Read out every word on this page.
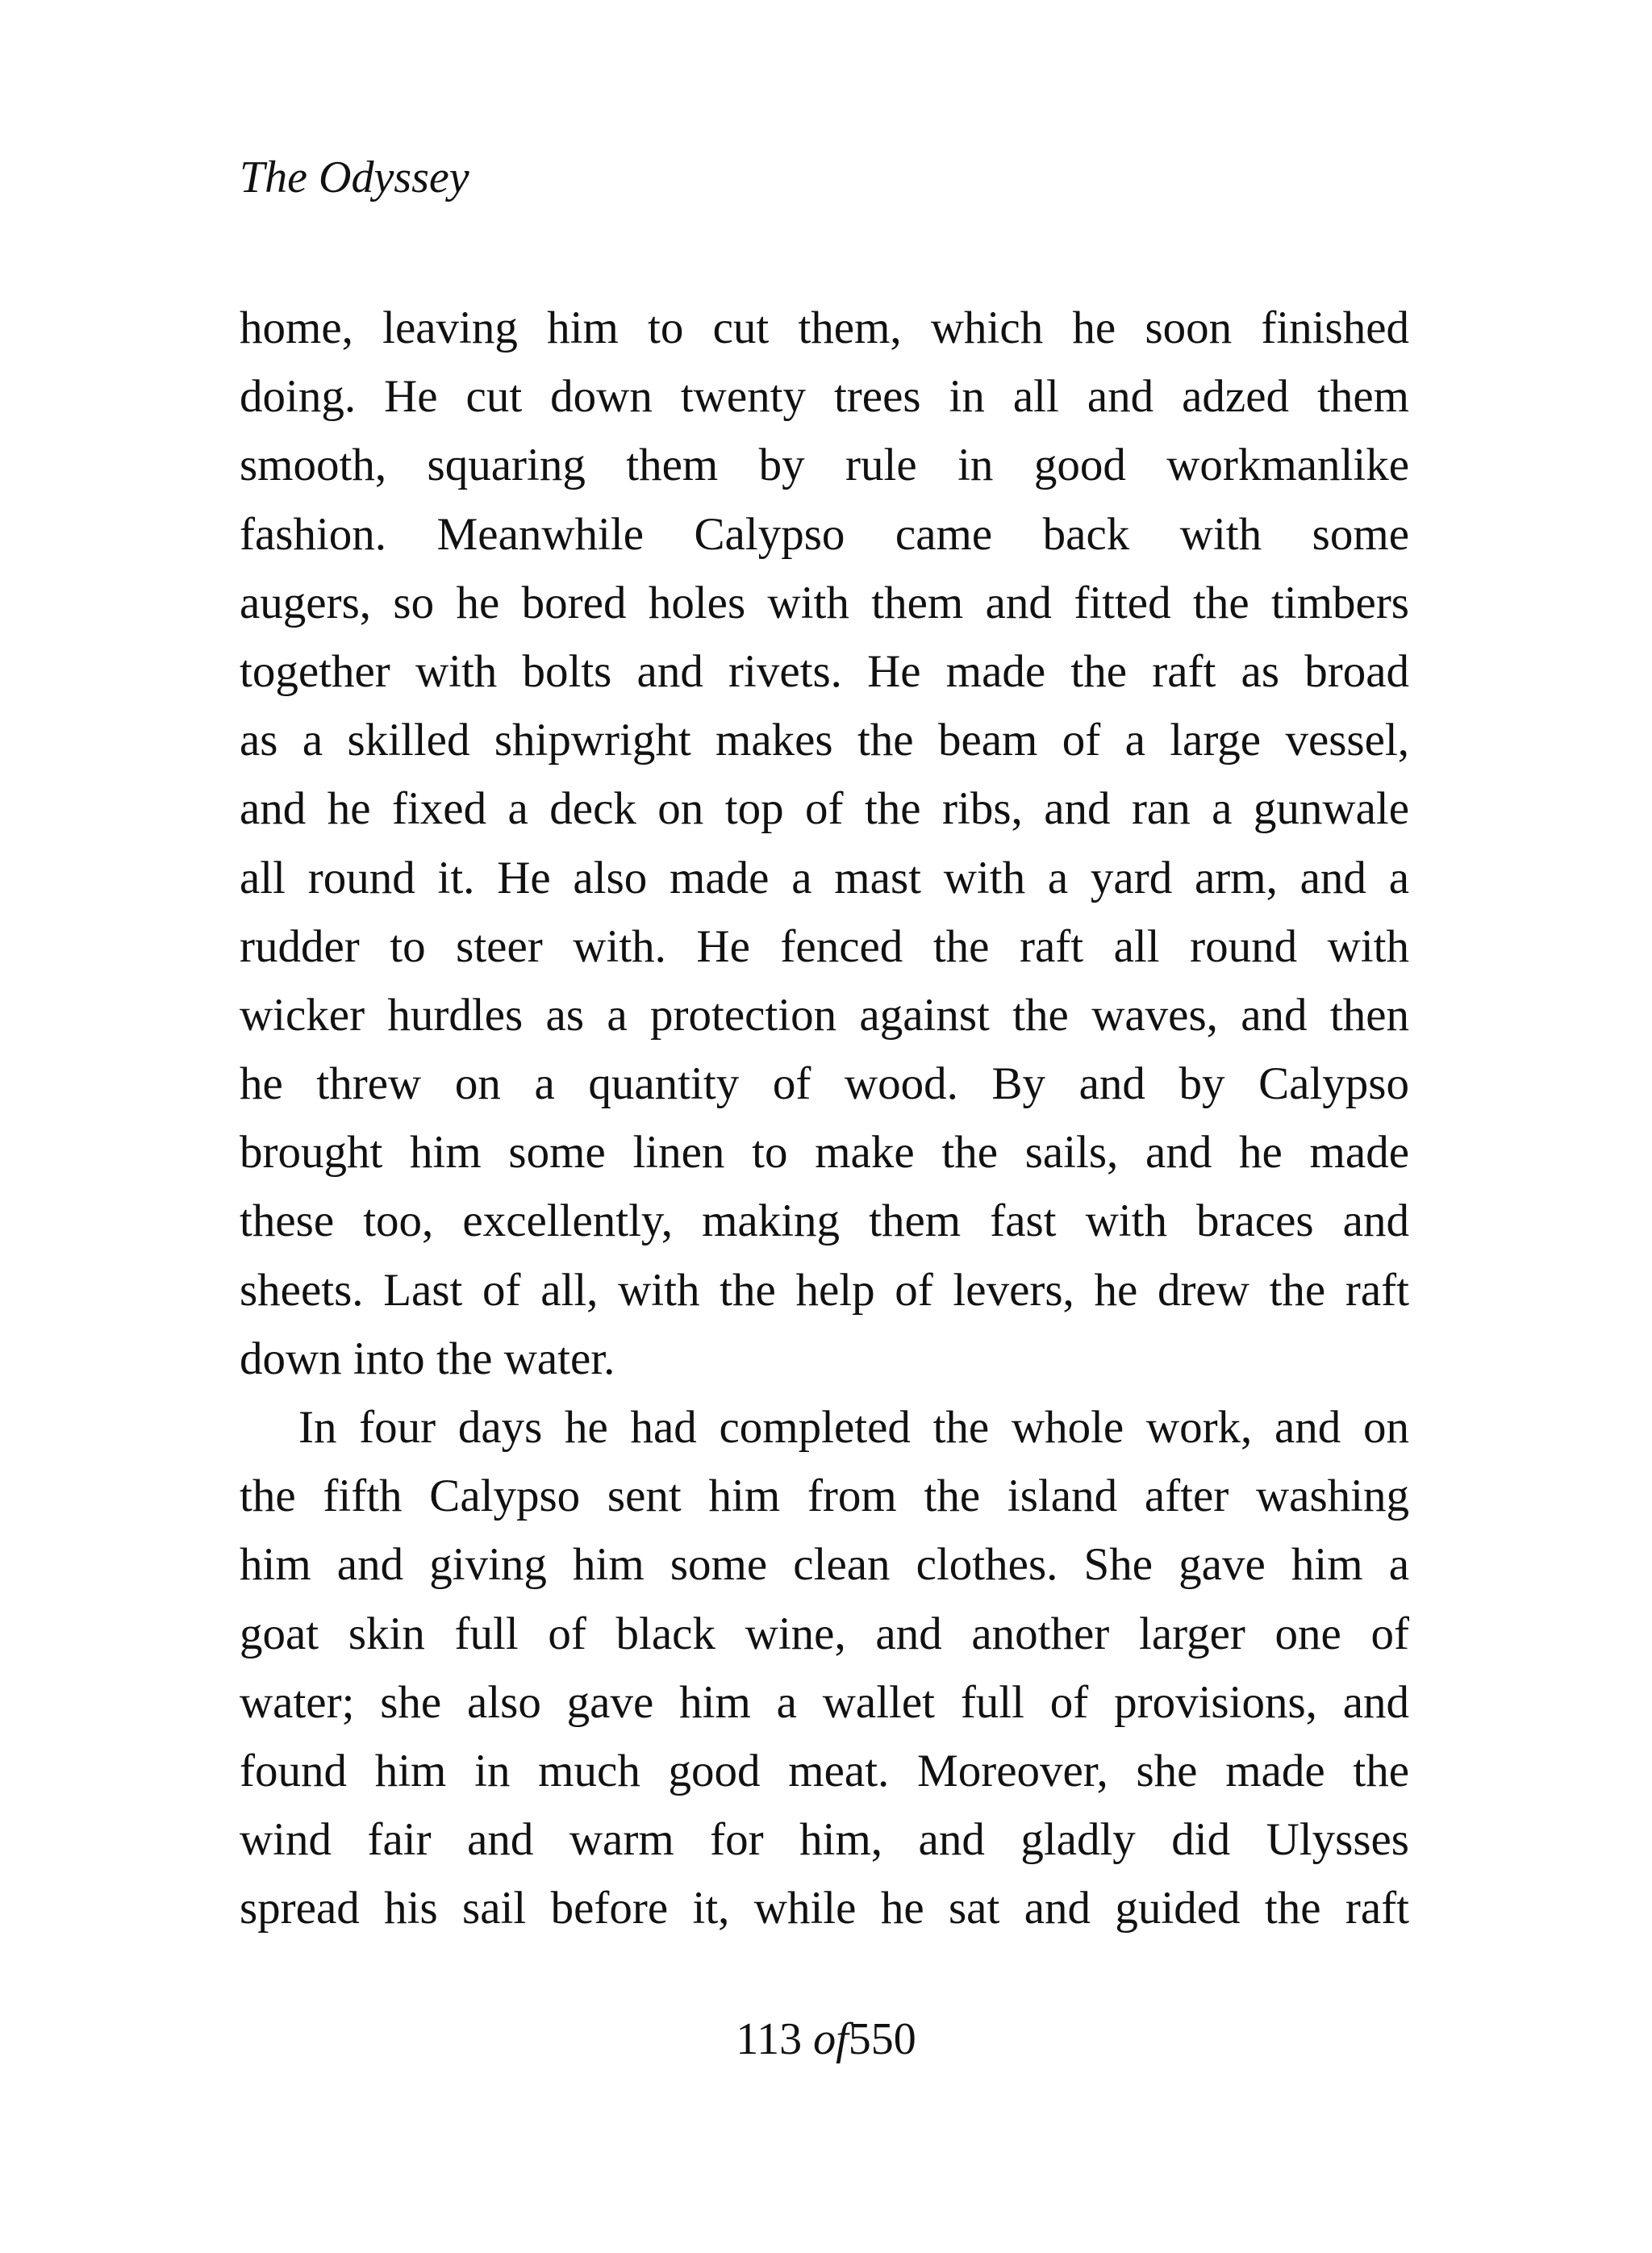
The Odyssey
home, leaving him to cut them, which he soon finished
doing. He cut down twenty trees in all and adzed them
smooth, squaring them by rule in good workmanlike
fashion. Meanwhile Calypso came back with some
augers, so he bored holes with them and fitted the timbers
together with bolts and rivets. He made the raft as broad
as a skilled shipwright makes the beam of a large vessel,
and he fixed a deck on top of the ribs, and ran a gunwale
all round it. He also made a mast with a yard arm, and a
rudder to steer with. He fenced the raft all round with
wicker hurdles as a protection against the waves, and then
he threw on a quantity of wood. By and by Calypso
brought him some linen to make the sails, and he made
these too, excellently, making them fast with braces and
sheets. Last of all, with the help of levers, he drew the raft
down into the water.
In four days he had completed the whole work, and on
the fifth Calypso sent him from the island after washing
him and giving him some clean clothes. She gave him a
goat skin full of black wine, and another larger one of
water; she also gave him a wallet full of provisions, and
found him in much good meat. Moreover, she made the
wind fair and warm for him, and gladly did Ulysses
spread his sail before it, while he sat and guided the raft
113 of550
